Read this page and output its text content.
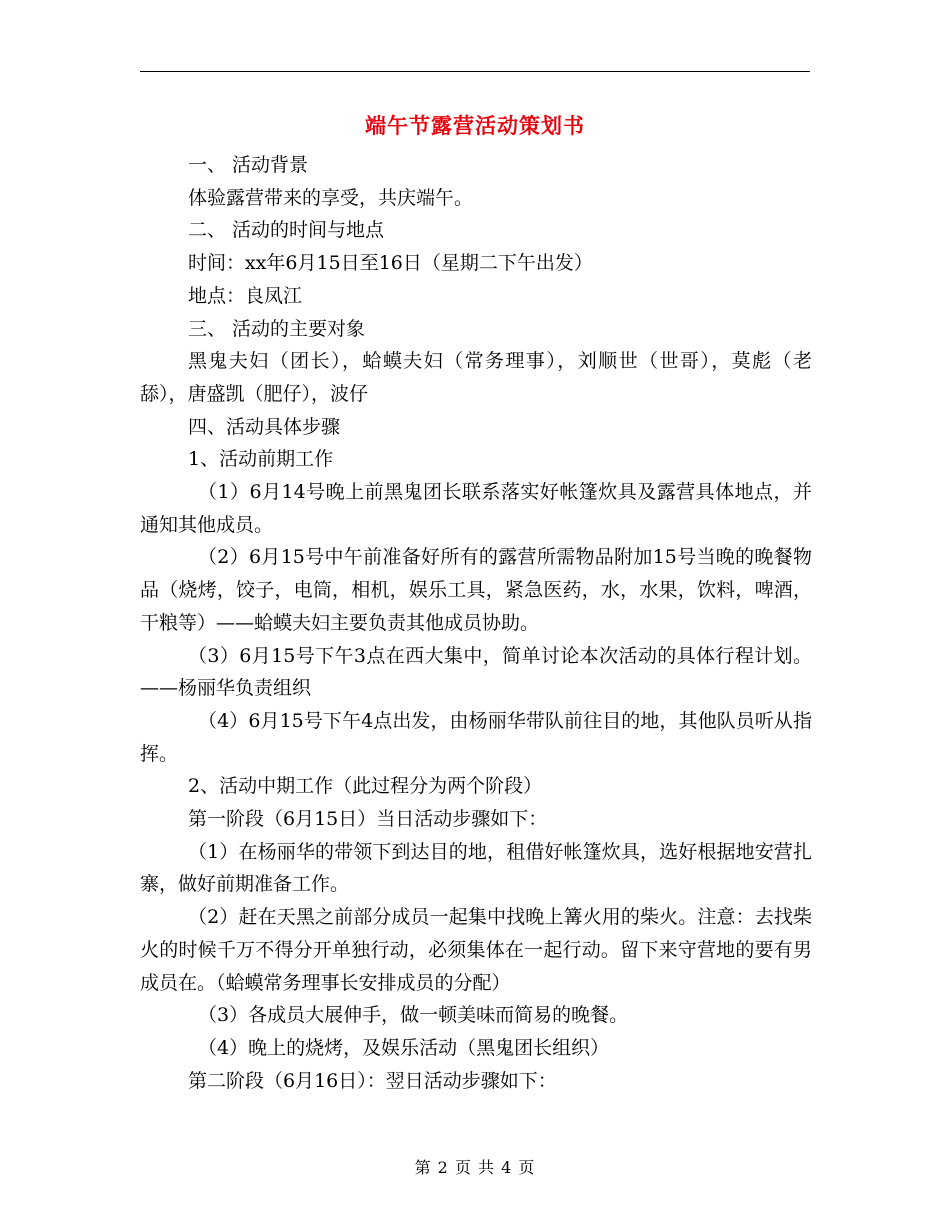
端午节露营活动策划书

一、 活动背景

体验露营带来的享受，共庆端午。

二、 活动的时间与地点

时间：xx年6月15日至16日（星期二下午出发）

地点：良凤江

三、 活动的主要对象

黑鬼夫妇（团长），蛤蟆夫妇（常务理事），刘顺世（世哥），莫彪（老舔），唐盛凯（肥仔），波仔

四、活动具体步骤

1、活动前期工作

（1）6月14号晚上前黑鬼团长联系落实好帐篷炊具及露营具体地点，并通知其他成员。

（2）6月15号中午前准备好所有的露营所需物品附加15号当晚的晚餐物品（烧烤，饺子，电筒，相机，娱乐工具，紧急医药，水，水果，饮料，啤酒，干粮等）——蛤蟆夫妇主要负责其他成员协助。

（3）6月15号下午3点在西大集中，简单讨论本次活动的具体行程计划。——杨丽华负责组织

（4）6月15号下午4点出发，由杨丽华带队前往目的地，其他队员听从指挥。

2、活动中期工作（此过程分为两个阶段）

第一阶段（6月15日）当日活动步骤如下：

（1）在杨丽华的带领下到达目的地，租借好帐篷炊具，选好根据地安营扎寨，做好前期准备工作。

（2）赶在天黑之前部分成员一起集中找晚上篝火用的柴火。注意：去找柴火的时候千万不得分开单独行动，必须集体在一起行动。留下来守营地的要有男成员在。（蛤蟆常务理事长安排成员的分配）

（3）各成员大展伸手，做一顿美味而简易的晚餐。

（4）晚上的烧烤，及娱乐活动（黑鬼团长组织）

第二阶段（6月16日）：翌日活动步骤如下：

第 2 页 共 4 页
